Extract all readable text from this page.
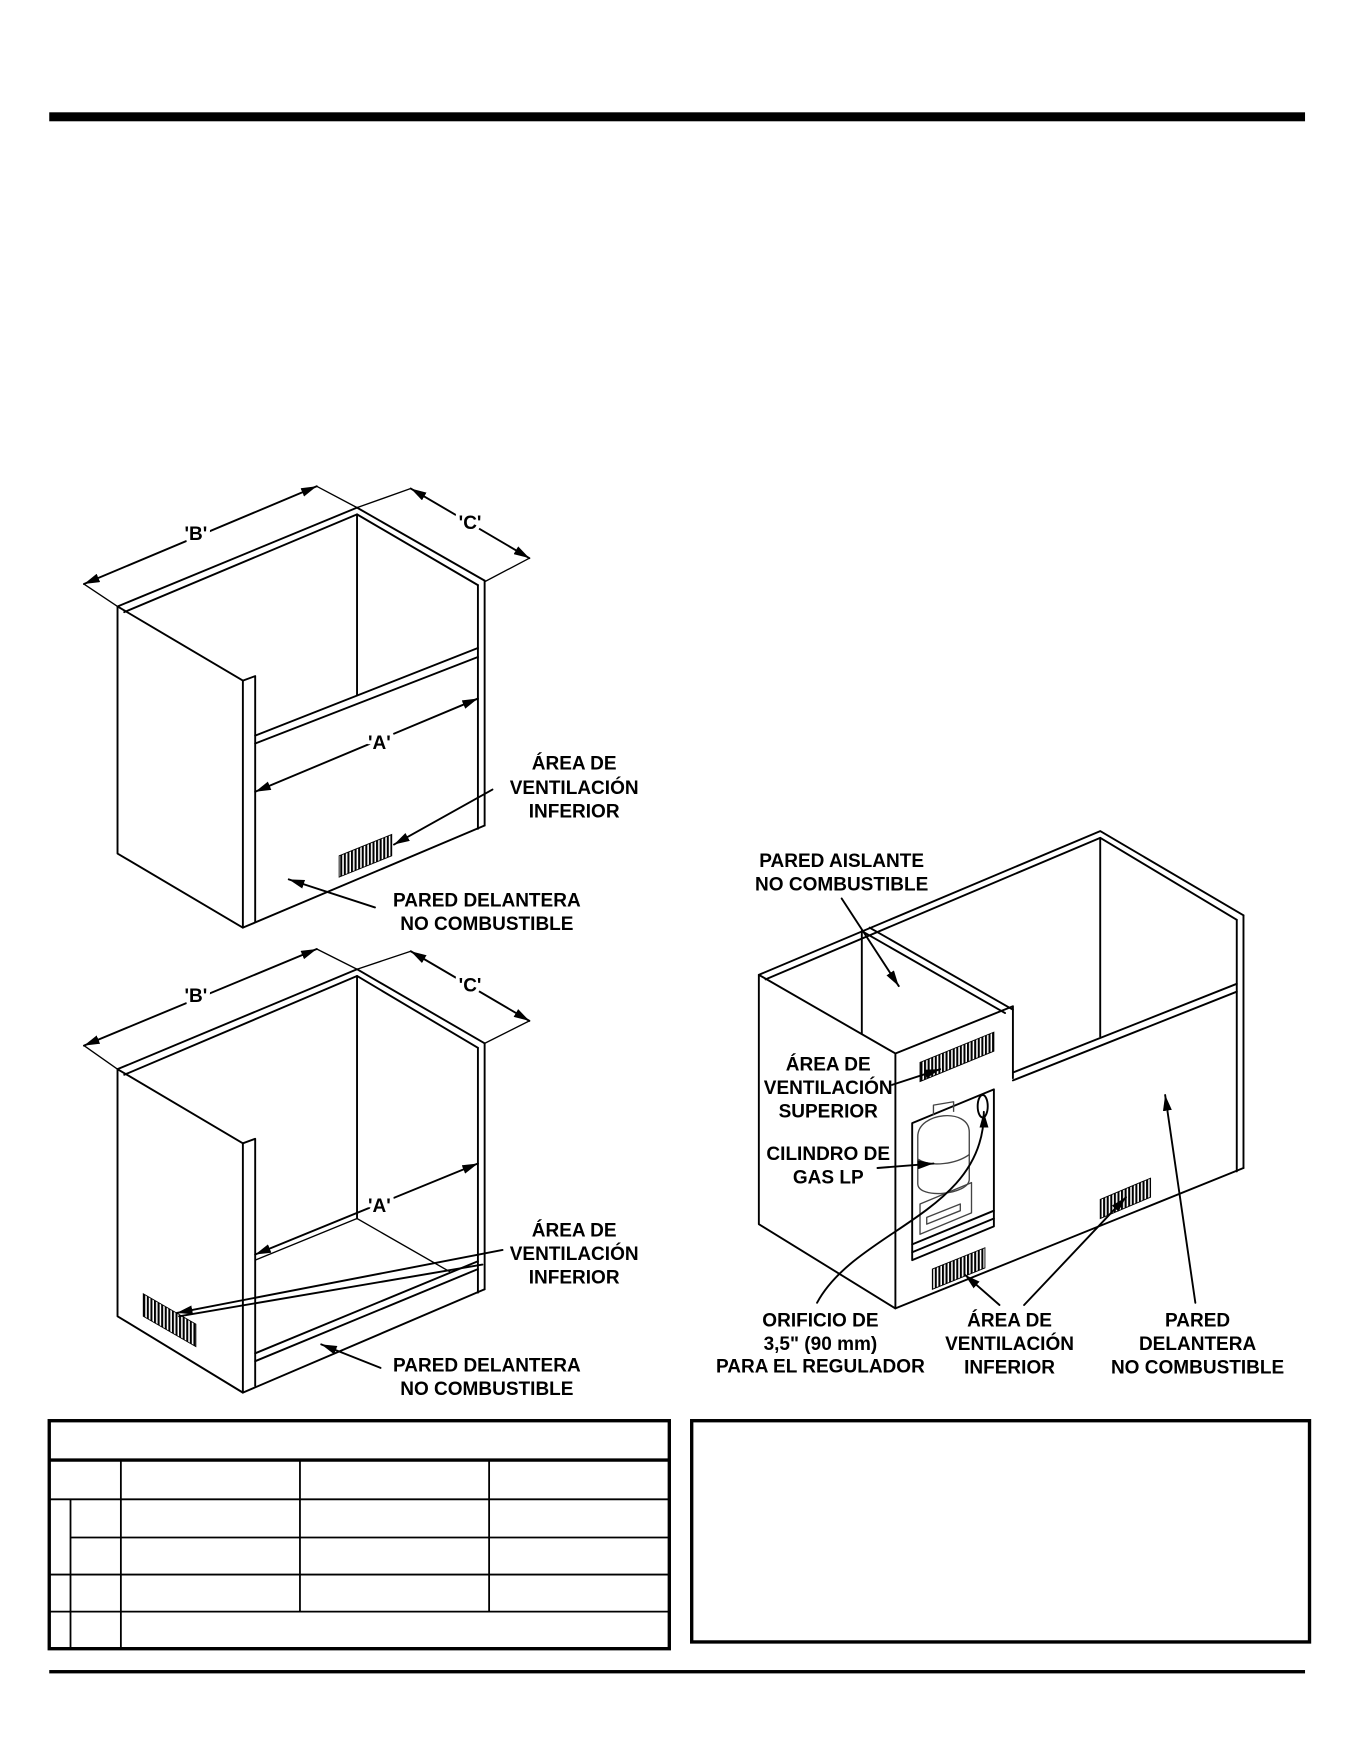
'B'
'C'
'A'
ÁREA DE
VENTILACIÓN
INFERIOR
PARED DELANTERA
NO COMBUSTIBLE
'B'	'C'
'A'
ÁREA DE
VENTILACIÓN
INFERIOR
PARED DELANTERA
NO COMBUSTIBLE
PARED AISLANTE
NO COMBUSTIBLE
ÁREA DE
VENTILACIÓN
SUPERIOR
CILINDRO DE
GAS LP
ORIFICIO DE
3,5" (90 mm)
PARA EL REGULADOR
ÁREA DE
VENTILACIÓN
INFERIOR
PARED
DELANTERA
NO COMBUSTIBLE
